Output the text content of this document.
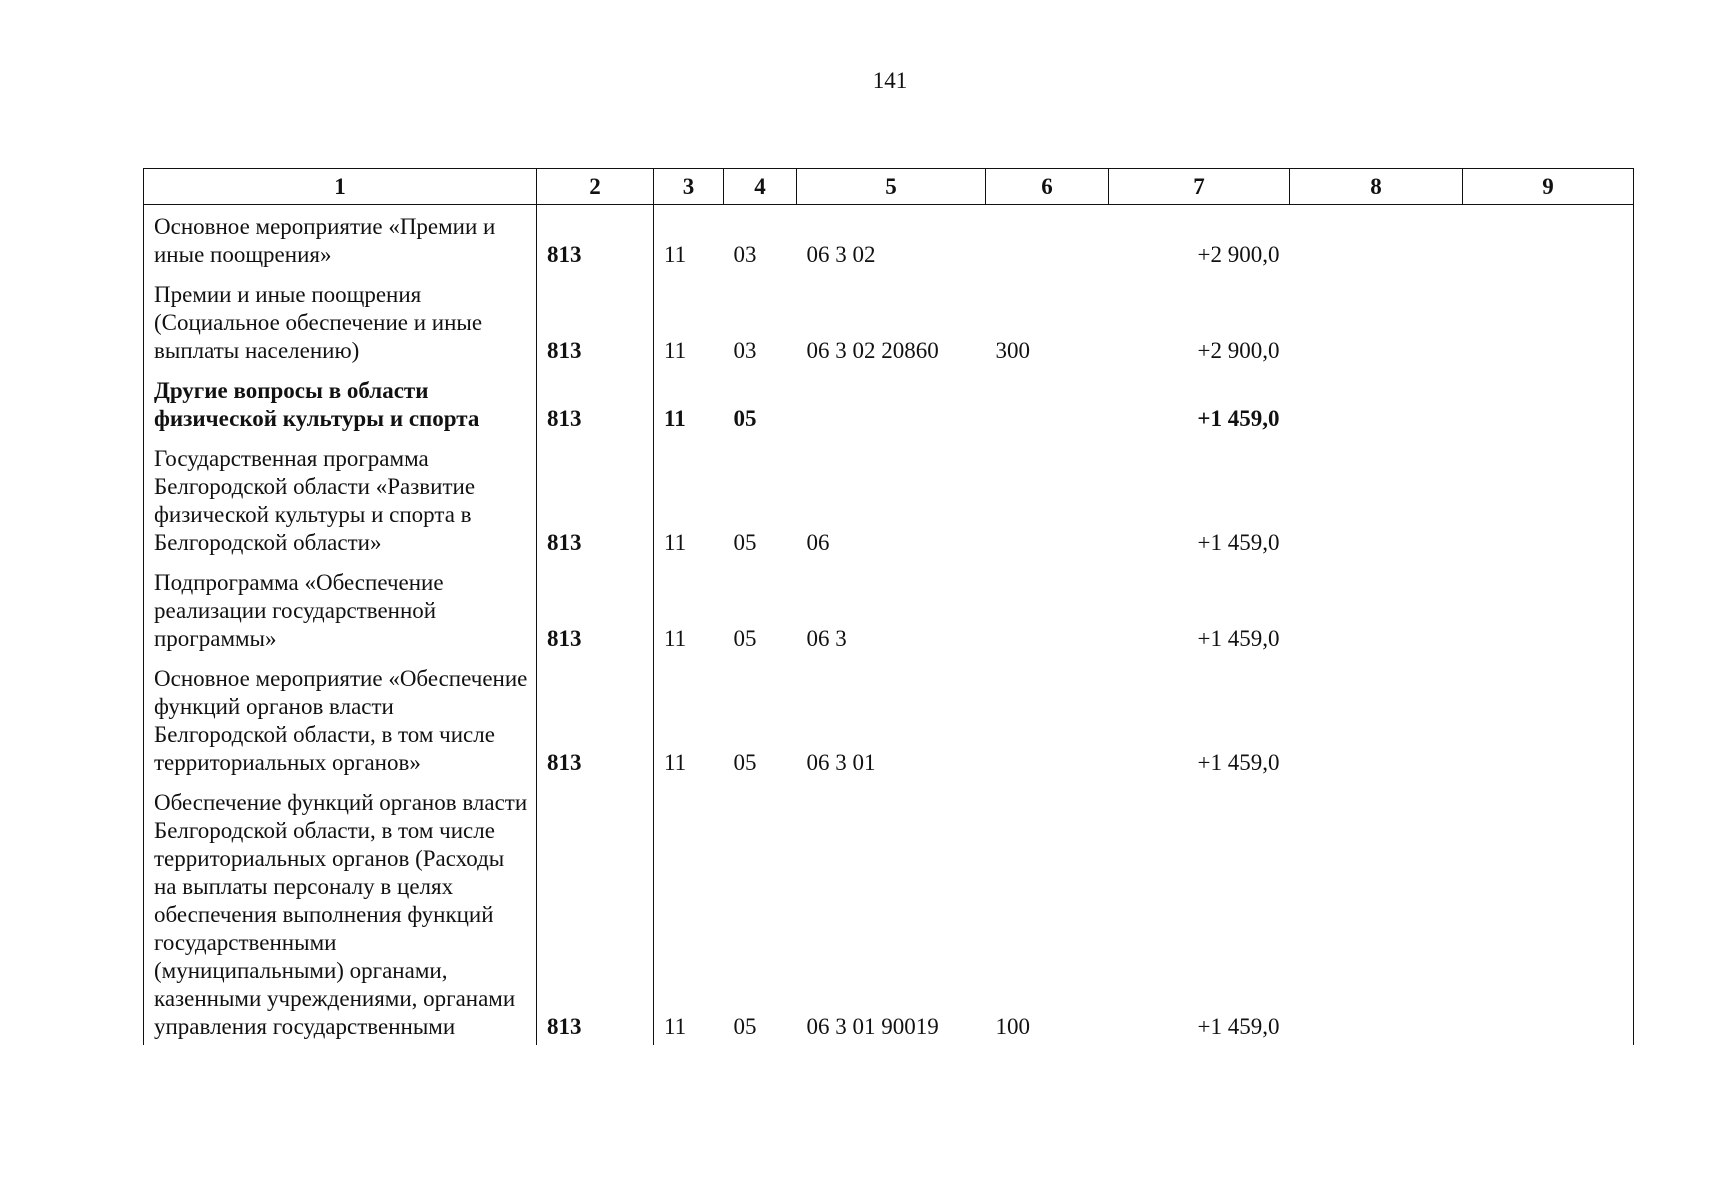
141
1	2	3	4	5	6	7	8	9
Основное мероприятие «Премии и иные поощрения»	813	11	03	06 3 02		+2 900,0		
Премии и иные поощрения (Социальное обеспечение и иные выплаты населению)	813	11	03	06 3 02 20860	300	+2 900,0		
Другие вопросы в области физической культуры и спорта	813	11	05			+1 459,0		
Государственная программа Белгородской области «Развитие физической культуры и спорта в Белгородской области»	813	11	05	06		+1 459,0		
Подпрограмма «Обеспечение реализации государственной программы»	813	11	05	06 3		+1 459,0		
Основное мероприятие «Обеспечение функций органов власти Белгородской области, в том числе территориальных органов»	813	11	05	06 3 01		+1 459,0		
Обеспечение функций органов власти Белгородской области, в том числе территориальных органов (Расходы на выплаты персоналу в целях обеспечения выполнения функций государственными (муниципальными) органами, казенными учреждениями, органами управления государственными	813	11	05	06 3 01 90019	100	+1 459,0		
